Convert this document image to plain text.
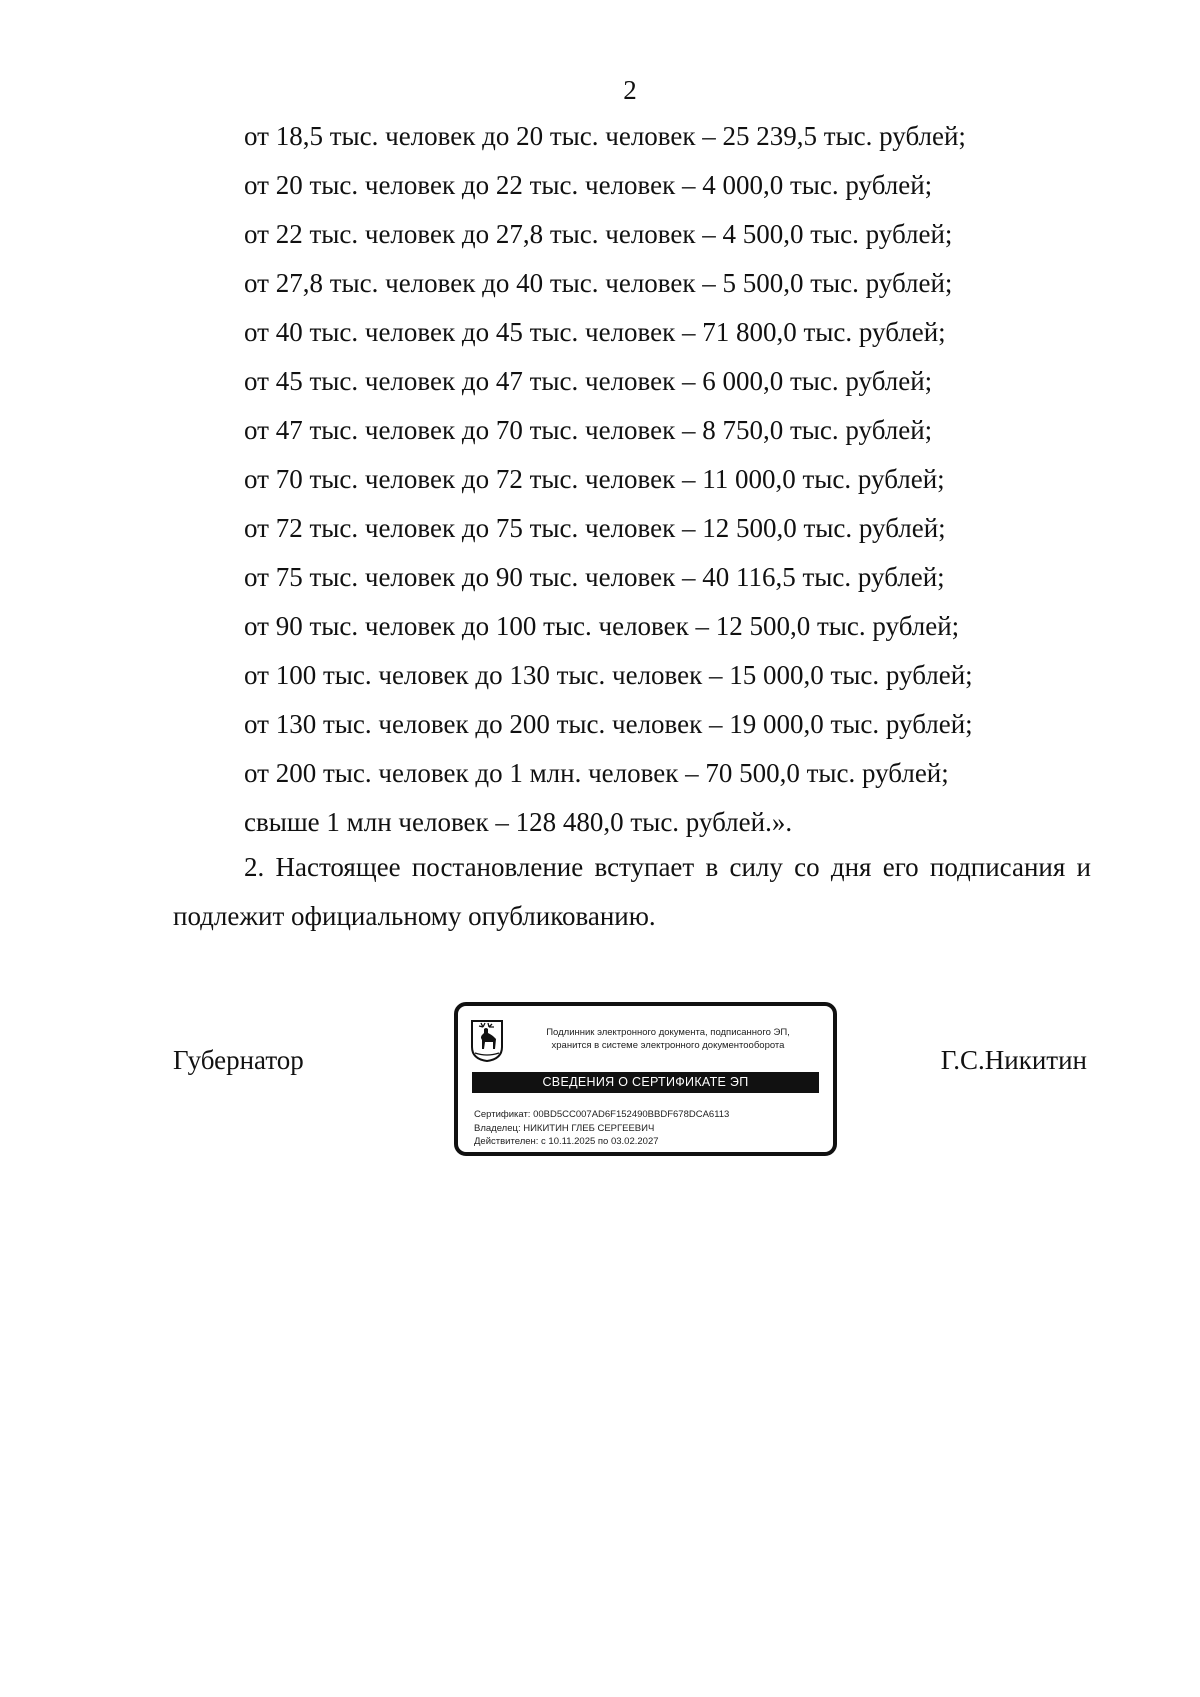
2
от 18,5 тыс. человек до 20 тыс. человек – 25 239,5 тыс. рублей;
от 20 тыс. человек до 22 тыс. человек – 4 000,0 тыс. рублей;
от 22 тыс. человек до 27,8 тыс. человек – 4 500,0 тыс. рублей;
от 27,8 тыс. человек до 40 тыс. человек – 5 500,0 тыс. рублей;
от 40 тыс. человек до 45 тыс. человек – 71 800,0 тыс. рублей;
от 45 тыс. человек до 47 тыс. человек – 6 000,0 тыс. рублей;
от 47 тыс. человек до 70 тыс. человек – 8 750,0 тыс. рублей;
от 70 тыс. человек до 72 тыс. человек – 11 000,0 тыс. рублей;
от 72 тыс. человек до 75 тыс. человек – 12 500,0 тыс. рублей;
от 75 тыс. человек до 90 тыс. человек – 40 116,5 тыс. рублей;
от 90 тыс. человек до 100 тыс. человек – 12 500,0 тыс. рублей;
от 100 тыс. человек до 130 тыс. человек – 15 000,0 тыс. рублей;
от 130 тыс. человек до 200 тыс. человек – 19 000,0 тыс. рублей;
от 200 тыс. человек до 1 млн. человек – 70 500,0 тыс. рублей;
свыше 1 млн человек – 128 480,0 тыс. рублей.».

2. Настоящее постановление вступает в силу со дня его подписания и подлежит официальному опубликованию.

Губернатор
Подлинник электронного документа, подписанного ЭП,
хранится в системе электронного документооборота
СВЕДЕНИЯ О СЕРТИФИКАТЕ ЭП
Сертификат: 00BD5CC007AD6F152490BBDF678DCA6113
Владелец: НИКИТИН ГЛЕБ СЕРГЕЕВИЧ
Действителен: с 10.11.2025 по 03.02.2027
Г.С.Никитин
